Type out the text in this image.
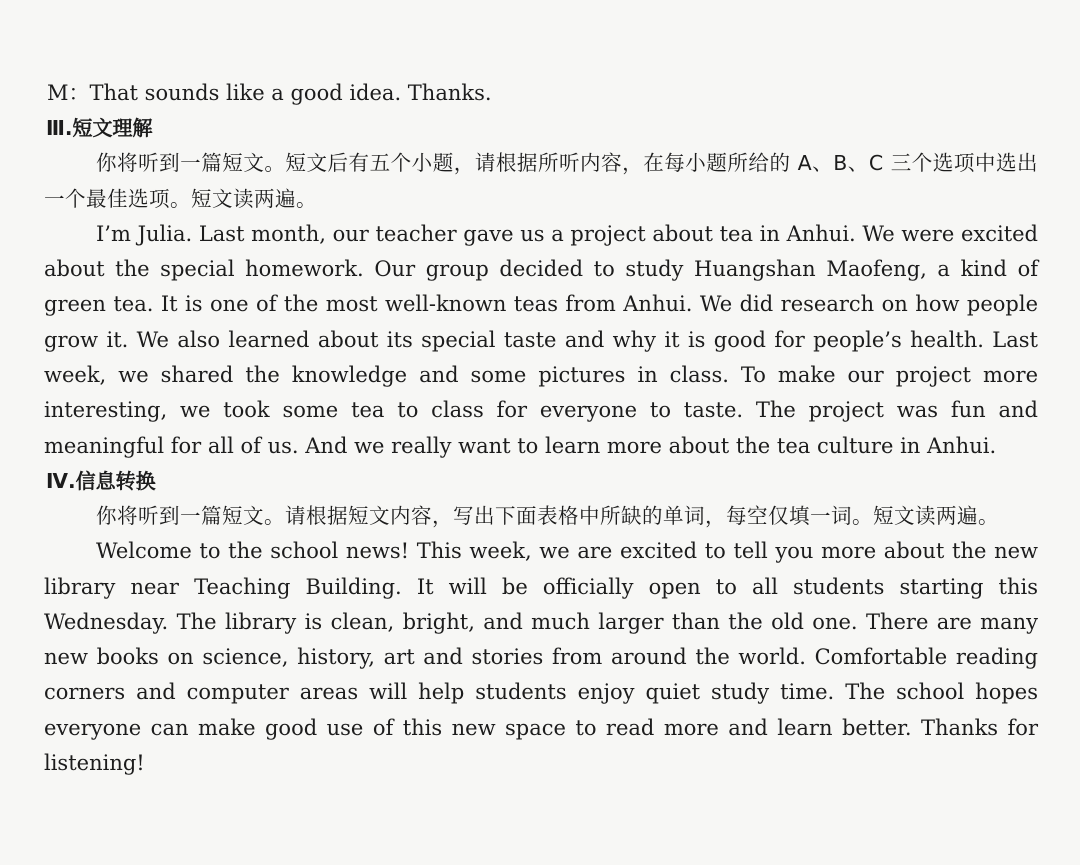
M：That sounds like a good idea. Thanks.
Ⅲ.短文理解

你将听到一篇短文。短文后有五个小题，请根据所听内容，在每小题所给的 A、B、C 三个选项中选出一个最佳选项。短文读两遍。

I’m Julia. Last month, our teacher gave us a project about tea in Anhui. We were excited about the special homework. Our group decided to study Huangshan Maofeng, a kind of green tea. It is one of the most well-known teas from Anhui. We did research on how people grow it. We also learned about its special taste and why it is good for people’s health. Last week, we shared the knowledge and some pictures in class. To make our project more interesting, we took some tea to class for everyone to taste. The project was fun and meaningful for all of us. And we really want to learn more about the tea culture in Anhui.

Ⅳ.信息转换

你将听到一篇短文。请根据短文内容，写出下面表格中所缺的单词，每空仅填一词。短文读两遍。

Welcome to the school news! This week, we are excited to tell you more about the new library near Teaching Building. It will be officially open to all students starting this Wednesday. The library is clean, bright, and much larger than the old one. There are many new books on science, history, art and stories from around the world. Comfortable reading corners and computer areas will help students enjoy quiet study time. The school hopes everyone can make good use of this new space to read more and learn better. Thanks for listening!
